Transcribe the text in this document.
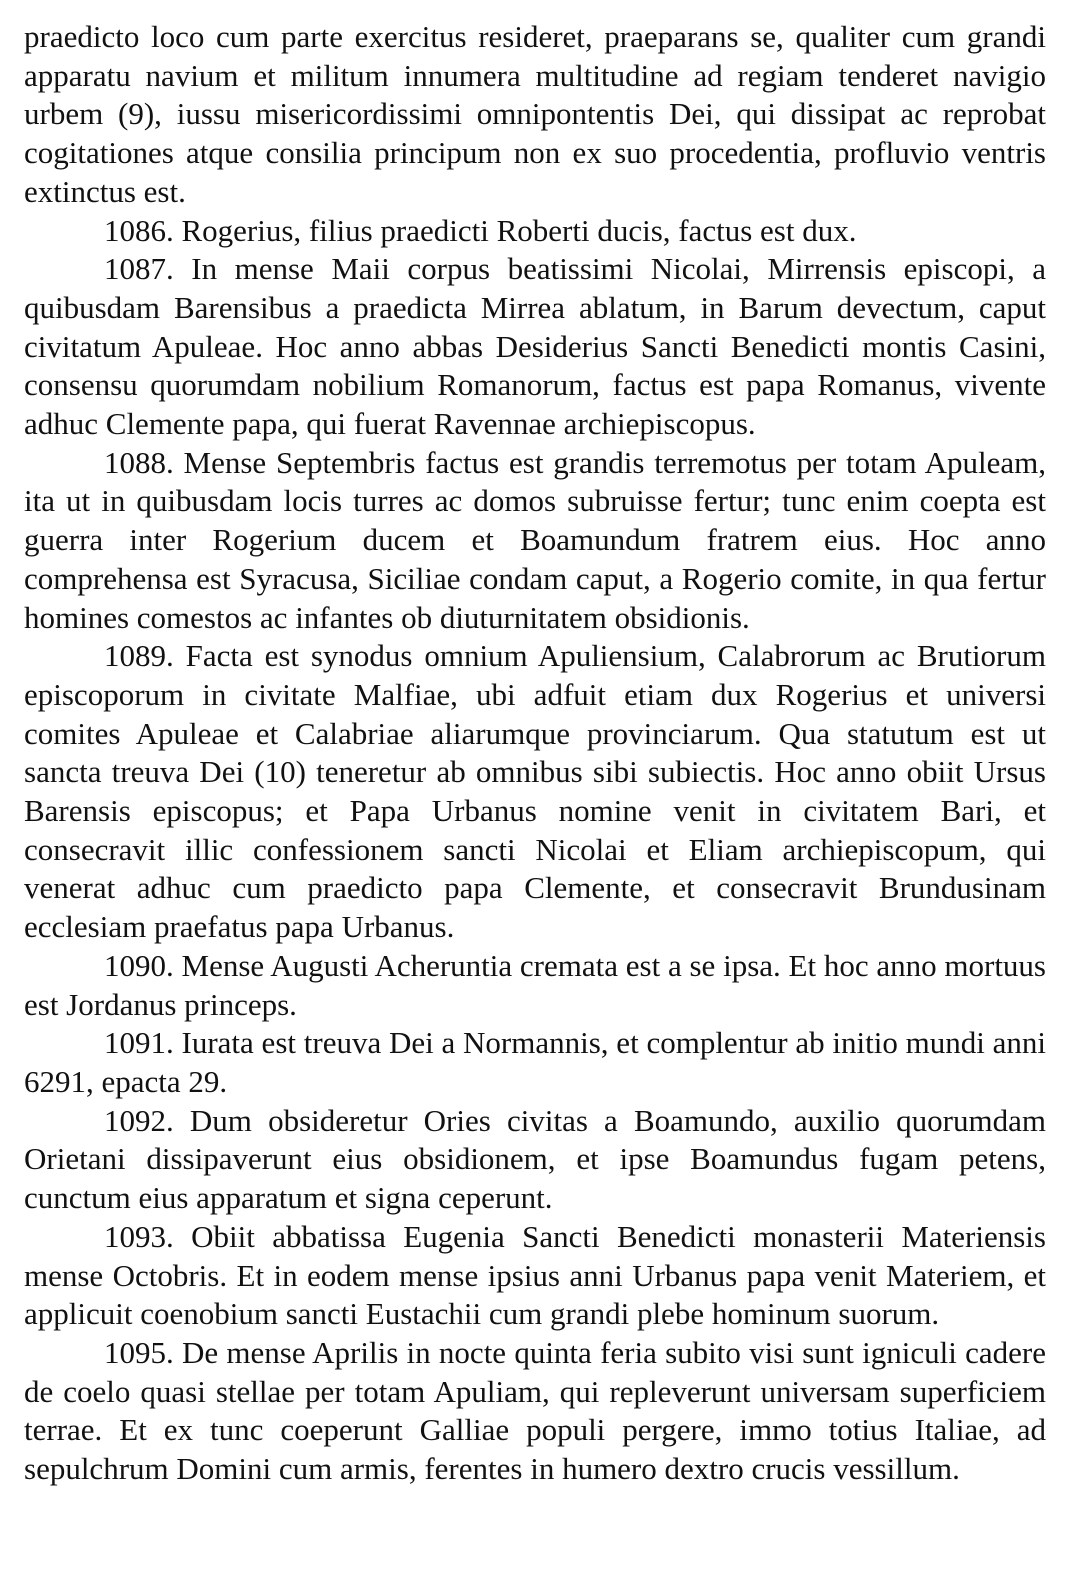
praedicto loco cum parte exercitus resideret, praeparans se, qualiter cum grandi apparatu navium et militum innumera multitudine ad regiam tenderet navigio urbem (9), iussu misericordissimi omnipontentis Dei, qui dissipat ac reprobat cogitationes atque consilia principum non ex suo procedentia, profluvio ventris extinctus est.

1086. Rogerius, filius praedicti Roberti ducis, factus est dux.

1087. In mense Maii corpus beatissimi Nicolai, Mirrensis episcopi, a quibusdam Barensibus a praedicta Mirrea ablatum, in Barum devectum, caput civitatum Apuleae. Hoc anno abbas Desiderius Sancti Benedicti montis Casini, consensu quorumdam nobilium Romanorum, factus est papa Romanus, vivente adhuc Clemente papa, qui fuerat Ravennae archiepiscopus.

1088. Mense Septembris factus est grandis terremotus per totam Apuleam, ita ut in quibusdam locis turres ac domos subruisse fertur; tunc enim coepta est guerra inter Rogerium ducem et Boamundum fratrem eius. Hoc anno comprehensa est Syracusa, Siciliae condam caput, a Rogerio comite, in qua fertur homines comestos ac infantes ob diuturnitatem obsidionis.

1089. Facta est synodus omnium Apuliensium, Calabrorum ac Brutiorum episcoporum in civitate Malfiae, ubi adfuit etiam dux Rogerius et universi comites Apuleae et Calabriae aliarumque provinciarum. Qua statutum est ut sancta treuva Dei (10) teneretur ab omnibus sibi subiectis. Hoc anno obiit Ursus Barensis episcopus; et Papa Urbanus nomine venit in civitatem Bari, et consecravit illic confessionem sancti Nicolai et Eliam archiepiscopum, qui venerat adhuc cum praedicto papa Clemente, et consecravit Brundusinam ecclesiam praefatus papa Urbanus.

1090. Mense Augusti Acheruntia cremata est a se ipsa. Et hoc anno mortuus est Jordanus princeps.

1091. Iurata est treuva Dei a Normannis, et complentur ab initio mundi anni 6291, epacta 29.

1092. Dum obsideretur Ories civitas a Boamundo, auxilio quorumdam Orietani dissipaverunt eius obsidionem, et ipse Boamundus fugam petens, cunctum eius apparatum et signa ceperunt.

1093. Obiit abbatissa Eugenia Sancti Benedicti monasterii Materiensis mense Octobris. Et in eodem mense ipsius anni Urbanus papa venit Materiem, et applicuit coenobium sancti Eustachii cum grandi plebe hominum suorum.

1095. De mense Aprilis in nocte quinta feria subito visi sunt igniculi cadere de coelo quasi stellae per totam Apuliam, qui repleverunt universam superficiem terrae. Et ex tunc coeperunt Galliae populi pergere, immo totius Italiae, ad sepulchrum Domini cum armis, ferentes in humero dextro crucis vessillum.
